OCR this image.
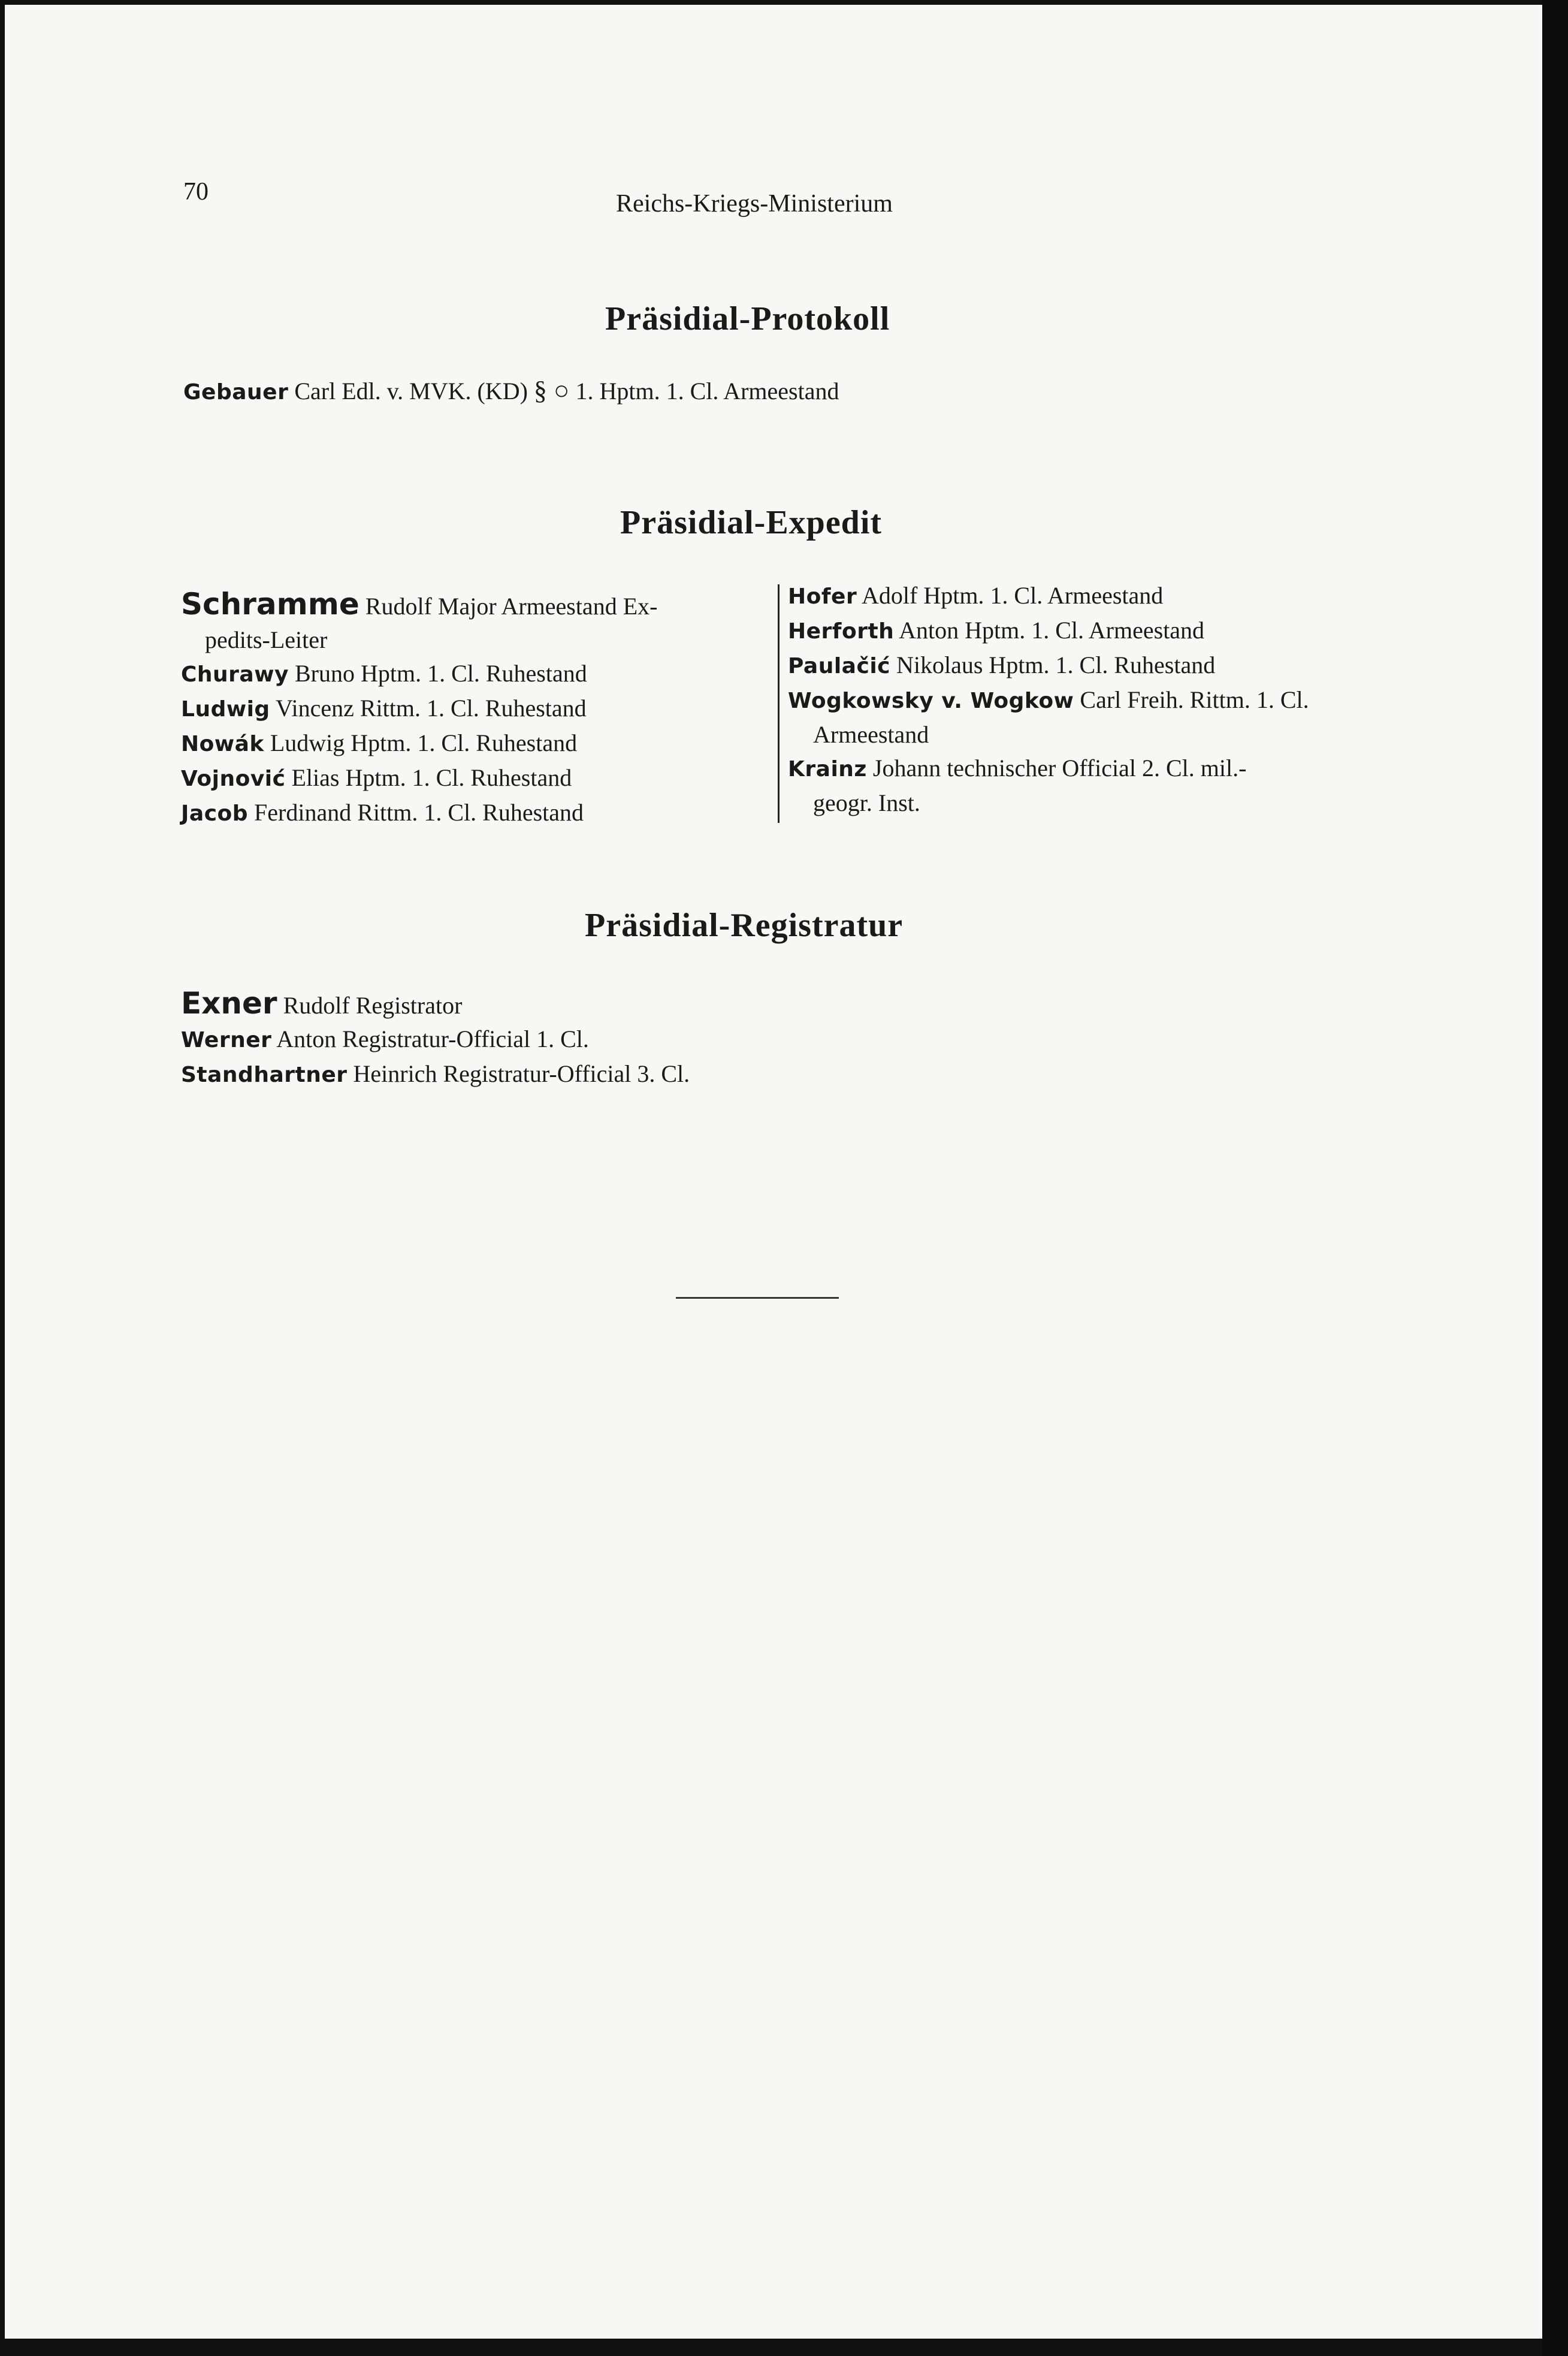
70	Reichs-Kriegs-Ministerium
Präsidial-Protokoll
Gebauer Carl Edl. v. MVK. (KD) § ○ 1. Hptm. 1. Cl. Armeestand
Präsidial-Expedit
Schramme Rudolf Major Armeestand Ex-
pedits-Leiter
Churawy Bruno Hptm. 1. Cl. Ruhestand
Ludwig Vincenz Rittm. 1. Cl. Ruhestand
Nowák Ludwig Hptm. 1. Cl. Ruhestand
Vojnović Elias Hptm. 1. Cl. Ruhestand
Jacob Ferdinand Rittm. 1. Cl. Ruhestand
Hofer Adolf Hptm. 1. Cl. Armeestand
Herforth Anton Hptm. 1. Cl. Armeestand
Paulačić Nikolaus Hptm. 1. Cl. Ruhestand
Wogkowsky v. Wogkow Carl Freih. Rittm. 1. Cl.
Armeestand
Krainz Johann technischer Official 2. Cl. mil.-
geogr. Inst.
Präsidial-Registratur
Exner Rudolf Registrator
Werner Anton Registratur-Official 1. Cl.
Standhartner Heinrich Registratur-Official 3. Cl.
